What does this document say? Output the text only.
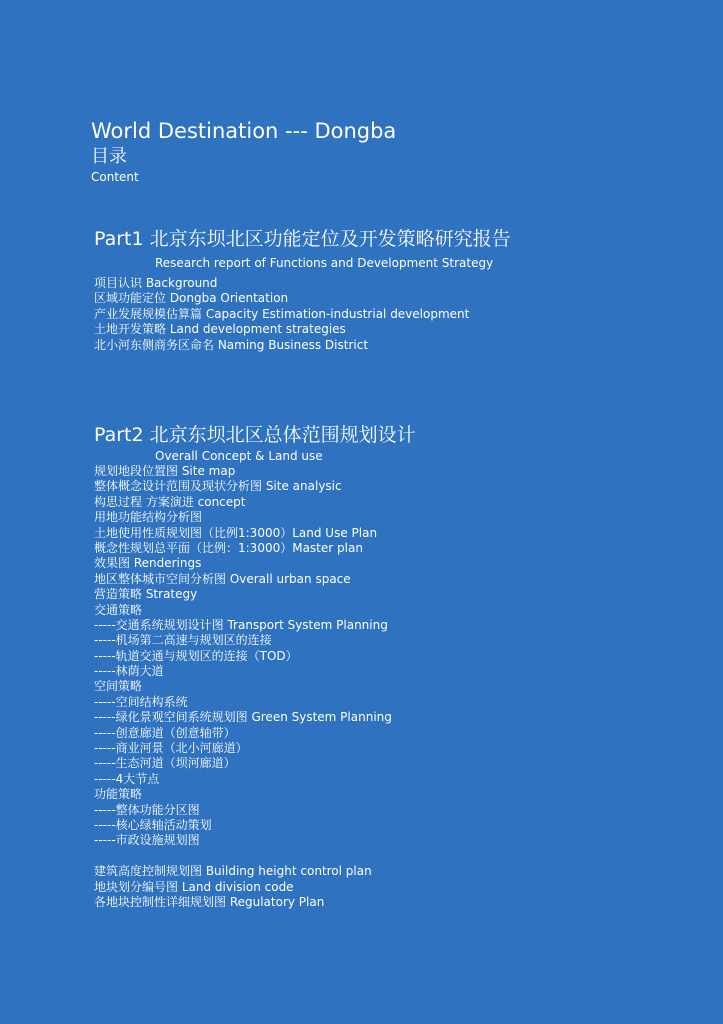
World Destination --- Dongba
目录
Content
Part1 北京东坝北区功能定位及开发策略研究报告
Research report of Functions and Development Strategy
项目认识 Background
区域功能定位 Dongba Orientation
产业发展规模估算篇 Capacity Estimation-industrial development
土地开发策略 Land development strategies
北小河东侧商务区命名 Naming Business District
Part2 北京东坝北区总体范围规划设计
Overall Concept & Land use
规划地段位置图 Site map
整体概念设计范围及现状分析图 Site analysic
构思过程 方案演进 concept
用地功能结构分析图
土地使用性质规划图（比例1:3000）Land Use Plan
概念性规划总平面（比例：1:3000）Master plan
效果图 Renderings
地区整体城市空间分析图 Overall urban space
营造策略 Strategy
交通策略
-----交通系统规划设计图 Transport System Planning
-----机场第二高速与规划区的连接
-----轨道交通与规划区的连接（TOD）
-----林荫大道
空间策略
-----空间结构系统
-----绿化景观空间系统规划图 Green System Planning
-----创意廊道（创意轴带）
-----商业河景（北小河廊道）
-----生态河道（坝河廊道）
-----4大节点
功能策略
-----整体功能分区图
-----核心绿轴活动策划
-----市政设施规划图
建筑高度控制规划图 Building height control plan
地块划分编号图 Land division code
各地块控制性详细规划图 Regulatory Plan
